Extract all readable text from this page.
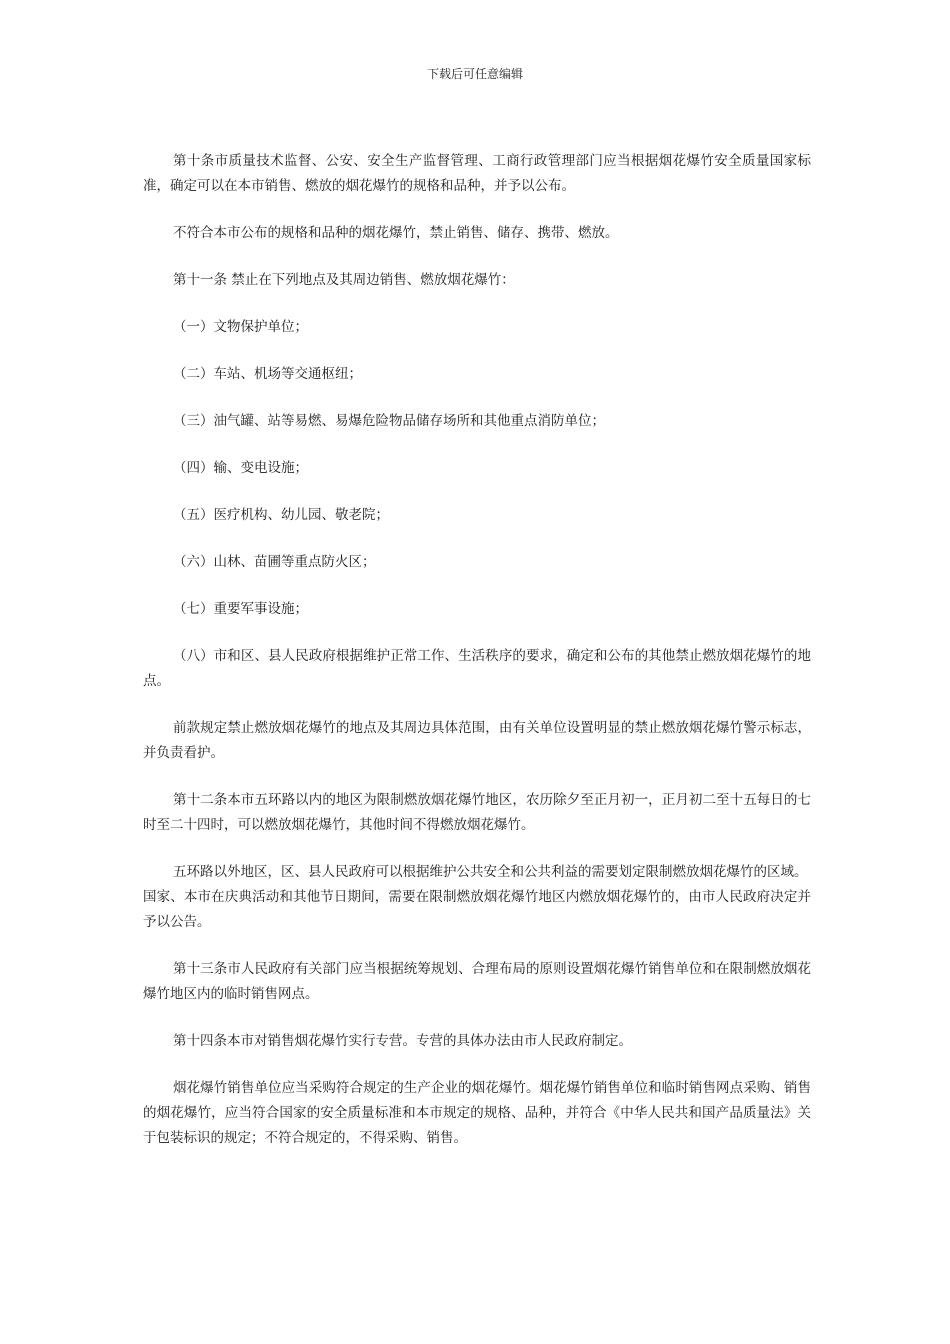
下载后可任意编辑

第十条市质量技术监督、公安、安全生产监督管理、工商行政管理部门应当根据烟花爆竹安全质量国家标准，确定可以在本市销售、燃放的烟花爆竹的规格和品种，并予以公布。

不符合本市公布的规格和品种的烟花爆竹，禁止销售、储存、携带、燃放。

第十一条 禁止在下列地点及其周边销售、燃放烟花爆竹：

（一）文物保护单位；

（二）车站、机场等交通枢纽；

（三）油气罐、站等易燃、易爆危险物品储存场所和其他重点消防单位；

（四）输、变电设施；

（五）医疗机构、幼儿园、敬老院；

（六）山林、苗圃等重点防火区；

（七）重要军事设施；

（八）市和区、县人民政府根据维护正常工作、生活秩序的要求，确定和公布的其他禁止燃放烟花爆竹的地点。

前款规定禁止燃放烟花爆竹的地点及其周边具体范围，由有关单位设置明显的禁止燃放烟花爆竹警示标志，并负责看护。

第十二条本市五环路以内的地区为限制燃放烟花爆竹地区，农历除夕至正月初一，正月初二至十五每日的七时至二十四时，可以燃放烟花爆竹，其他时间不得燃放烟花爆竹。

五环路以外地区，区、县人民政府可以根据维护公共安全和公共利益的需要划定限制燃放烟花爆竹的区域。

国家、本市在庆典活动和其他节日期间，需要在限制燃放烟花爆竹地区内燃放烟花爆竹的，由市人民政府决定并予以公告。

第十三条市人民政府有关部门应当根据统筹规划、合理布局的原则设置烟花爆竹销售单位和在限制燃放烟花爆竹地区内的临时销售网点。

第十四条本市对销售烟花爆竹实行专营。专营的具体办法由市人民政府制定。

烟花爆竹销售单位应当采购符合规定的生产企业的烟花爆竹。烟花爆竹销售单位和临时销售网点采购、销售的烟花爆竹，应当符合国家的安全质量标准和本市规定的规格、品种，并符合《中华人民共和国产品质量法》关于包装标识的规定；不符合规定的，不得采购、销售。
